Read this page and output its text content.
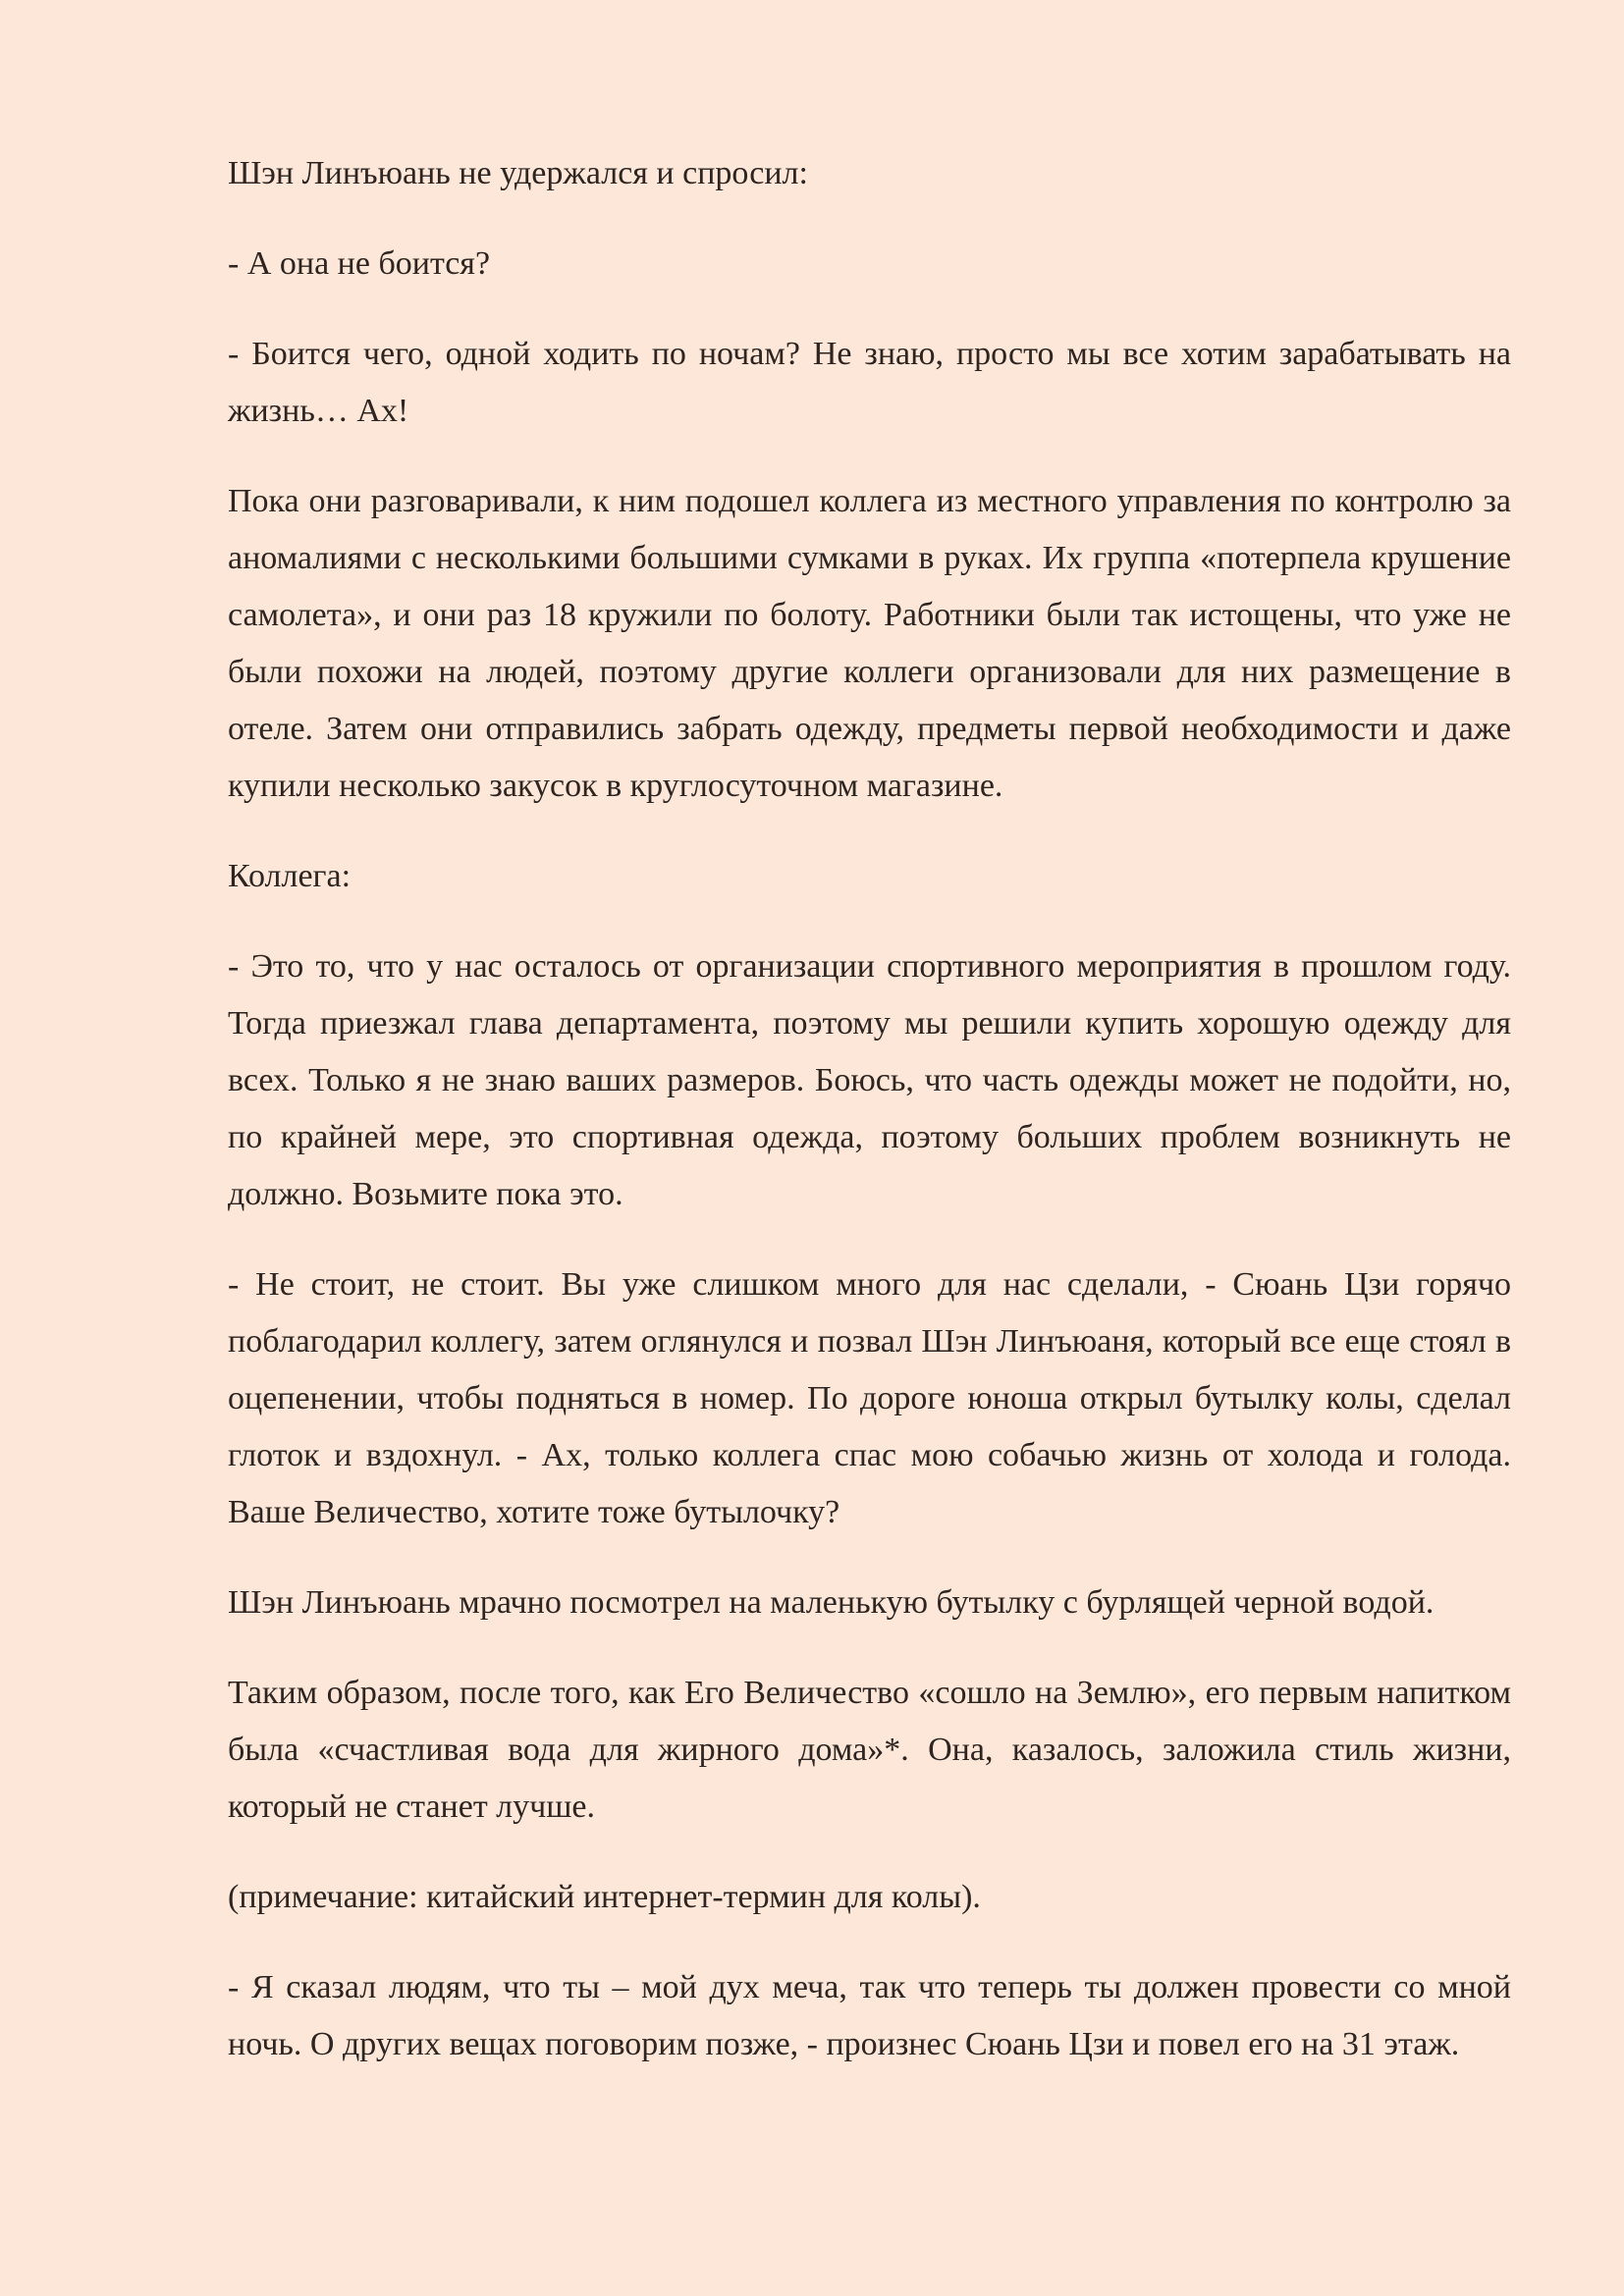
Шэн Линъюань не удержался и спросил:

- А она не боится?

- Боится чего, одной ходить по ночам? Не знаю, просто мы все хотим зарабатывать на жизнь… Ах!

Пока они разговаривали, к ним подошел коллега из местного управления по контролю за аномалиями с несколькими большими сумками в руках. Их группа «потерпела крушение самолета», и они раз 18 кружили по болоту. Работники были так истощены, что уже не были похожи на людей, поэтому другие коллеги организовали для них размещение в отеле. Затем они отправились забрать одежду, предметы первой необходимости и даже купили несколько закусок в круглосуточном магазине.

Коллега:

- Это то, что у нас осталось от организации спортивного мероприятия в прошлом году. Тогда приезжал глава департамента, поэтому мы решили купить хорошую одежду для всех. Только я не знаю ваших размеров. Боюсь, что часть одежды может не подойти, но, по крайней мере, это спортивная одежда, поэтому больших проблем возникнуть не должно. Возьмите пока это.

- Не стоит, не стоит. Вы уже слишком много для нас сделали, - Сюань Цзи горячо поблагодарил коллегу, затем оглянулся и позвал Шэн Линъюаня, который все еще стоял в оцепенении, чтобы подняться в номер. По дороге юноша открыл бутылку колы, сделал глоток и вздохнул. - Ах, только коллега спас мою собачью жизнь от холода и голода. Ваше Величество, хотите тоже бутылочку?

Шэн Линъюань мрачно посмотрел на маленькую бутылку с бурлящей черной водой.

Таким образом, после того, как Его Величество «сошло на Землю», его первым напитком была «счастливая вода для жирного дома»*. Она, казалось, заложила стиль жизни, который не станет лучше.

(примечание: китайский интернет-термин для колы).

- Я сказал людям, что ты – мой дух меча, так что теперь ты должен провести со мной ночь. О других вещах поговорим позже, - произнес Сюань Цзи и повел его на 31 этаж.
